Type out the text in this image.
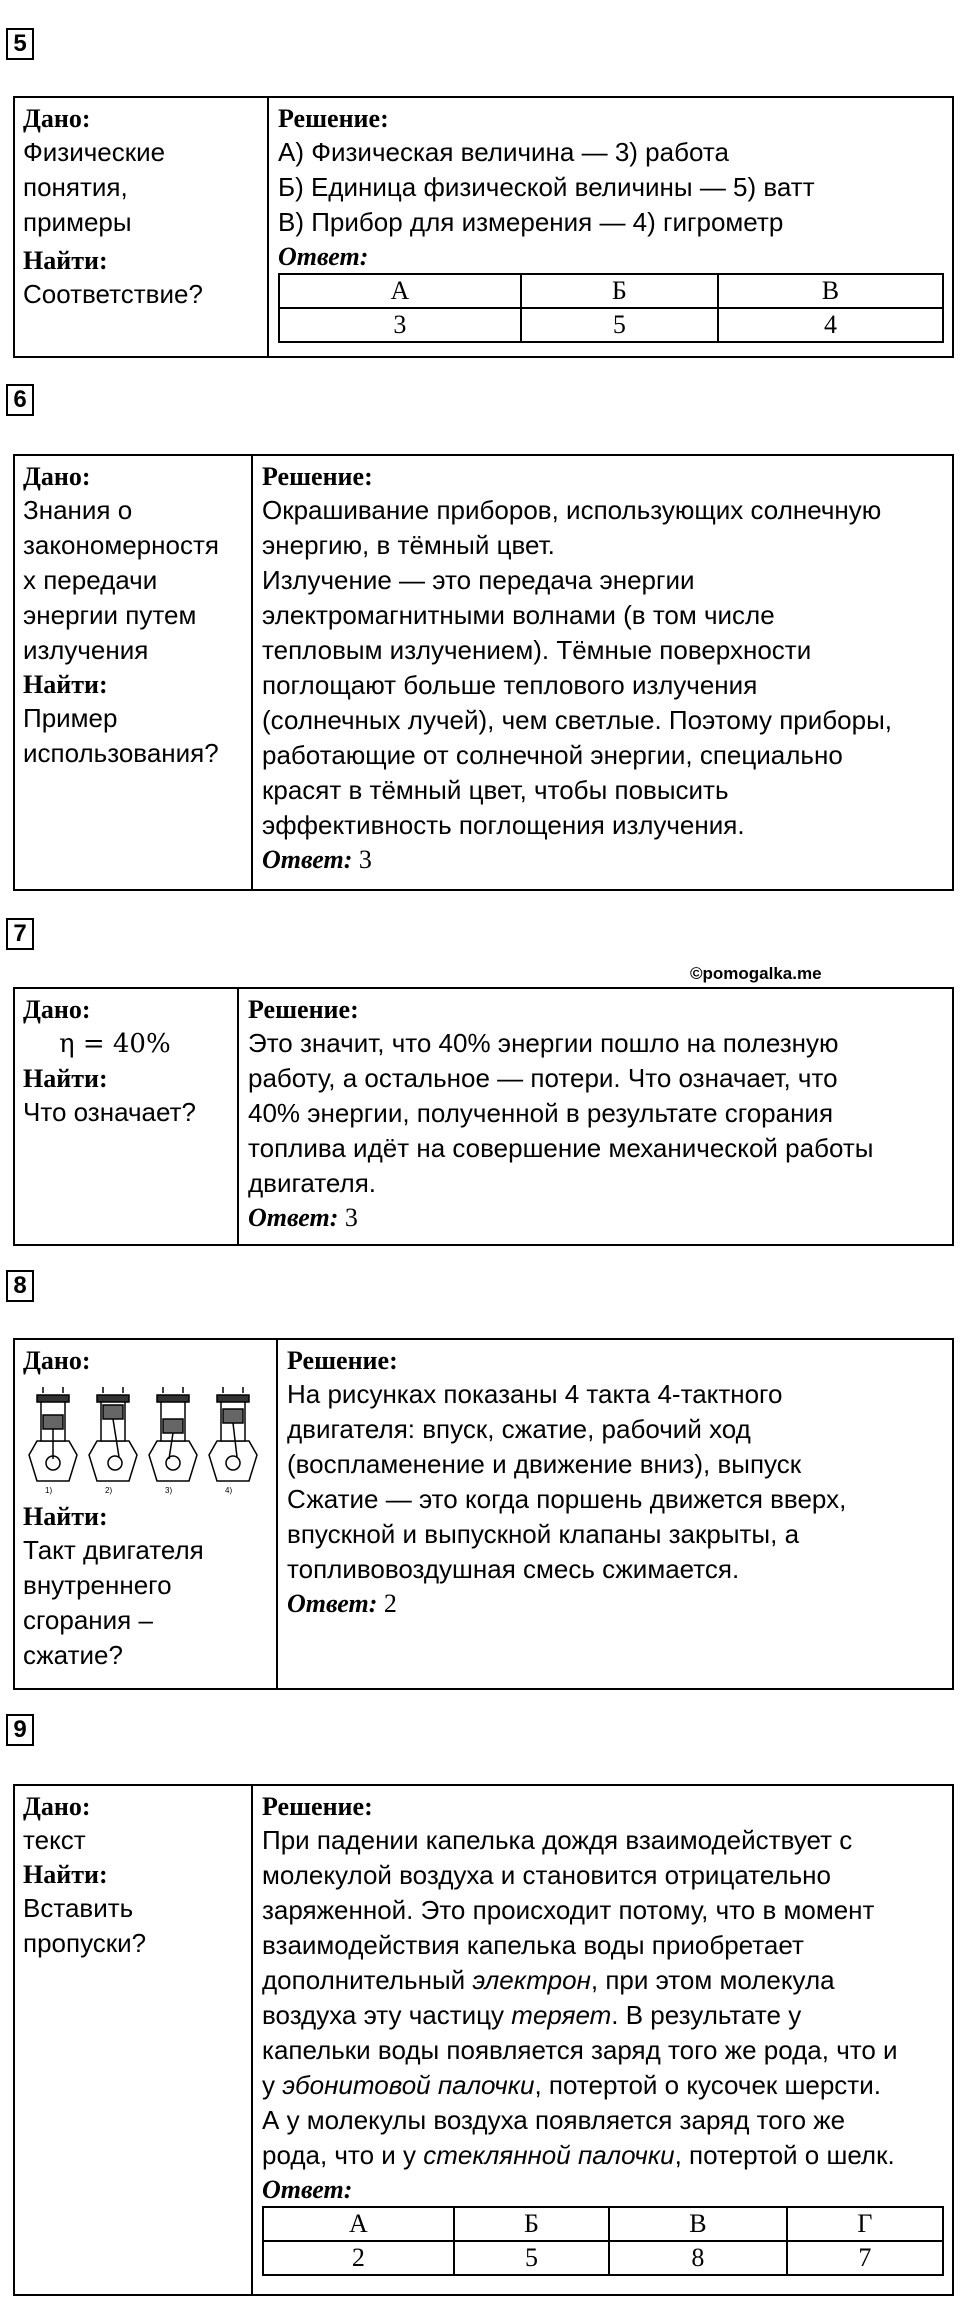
5
Дано:
Физические
понятия,
примеры
Найти:
Соответствие?
Решение:
А) Физическая величина — 3) работа
Б) Единица физической величины — 5) ватт
В) Прибор для измерения — 4) гигрометр
Ответ:
А	Б	В
3	5	4
6
Дано:
Знания о
закономерностя
х передачи
энергии путем
излучения
Найти:
Пример
использования?
Решение:
Окрашивание приборов, использующих солнечную
энергию, в тёмный цвет.
Излучение — это передача энергии
электромагнитными волнами (в том числе
тепловым излучением). Тёмные поверхности
поглощают больше теплового излучения
(солнечных лучей), чем светлые. Поэтому приборы,
работающие от солнечной энергии, специально
красят в тёмный цвет, чтобы повысить
эффективность поглощения излучения.
Ответ: 3
7
©pomogalka.me
Дано:
η = 40%
Найти:
Что означает?
Решение:
Это значит, что 40% энергии пошло на полезную
работу, а остальное — потери. Что означает, что
40% энергии, полученной в результате сгорания
топлива идёт на совершение механической работы
двигателя.
Ответ: 3
8
Дано:
1)	2)	3)	4)
Найти:
Такт двигателя
внутреннего
сгорания –
сжатие?
Решение:
На рисунках показаны 4 такта 4-тактного
двигателя: впуск, сжатие, рабочий ход
(воспламенение и движение вниз), выпуск
Сжатие — это когда поршень движется вверх,
впускной и выпускной клапаны закрыты, а
топливовоздушная смесь сжимается.
Ответ: 2
9
Дано:
текст
Найти:
Вставить
пропуски?
Решение:
При падении капелька дождя взаимодействует с
молекулой воздуха и становится отрицательно
заряженной. Это происходит потому, что в момент
взаимодействия капелька воды приобретает
дополнительный электрон, при этом молекула
воздуха эту частицу теряет. В результате у
капельки воды появляется заряд того же рода, что и
у эбонитовой палочки, потертой о кусочек шерсти.
А у молекулы воздуха появляется заряд того же
рода, что и у стеклянной палочки, потертой о шелк.
Ответ:
А	Б	В	Г
2	5	8	7
